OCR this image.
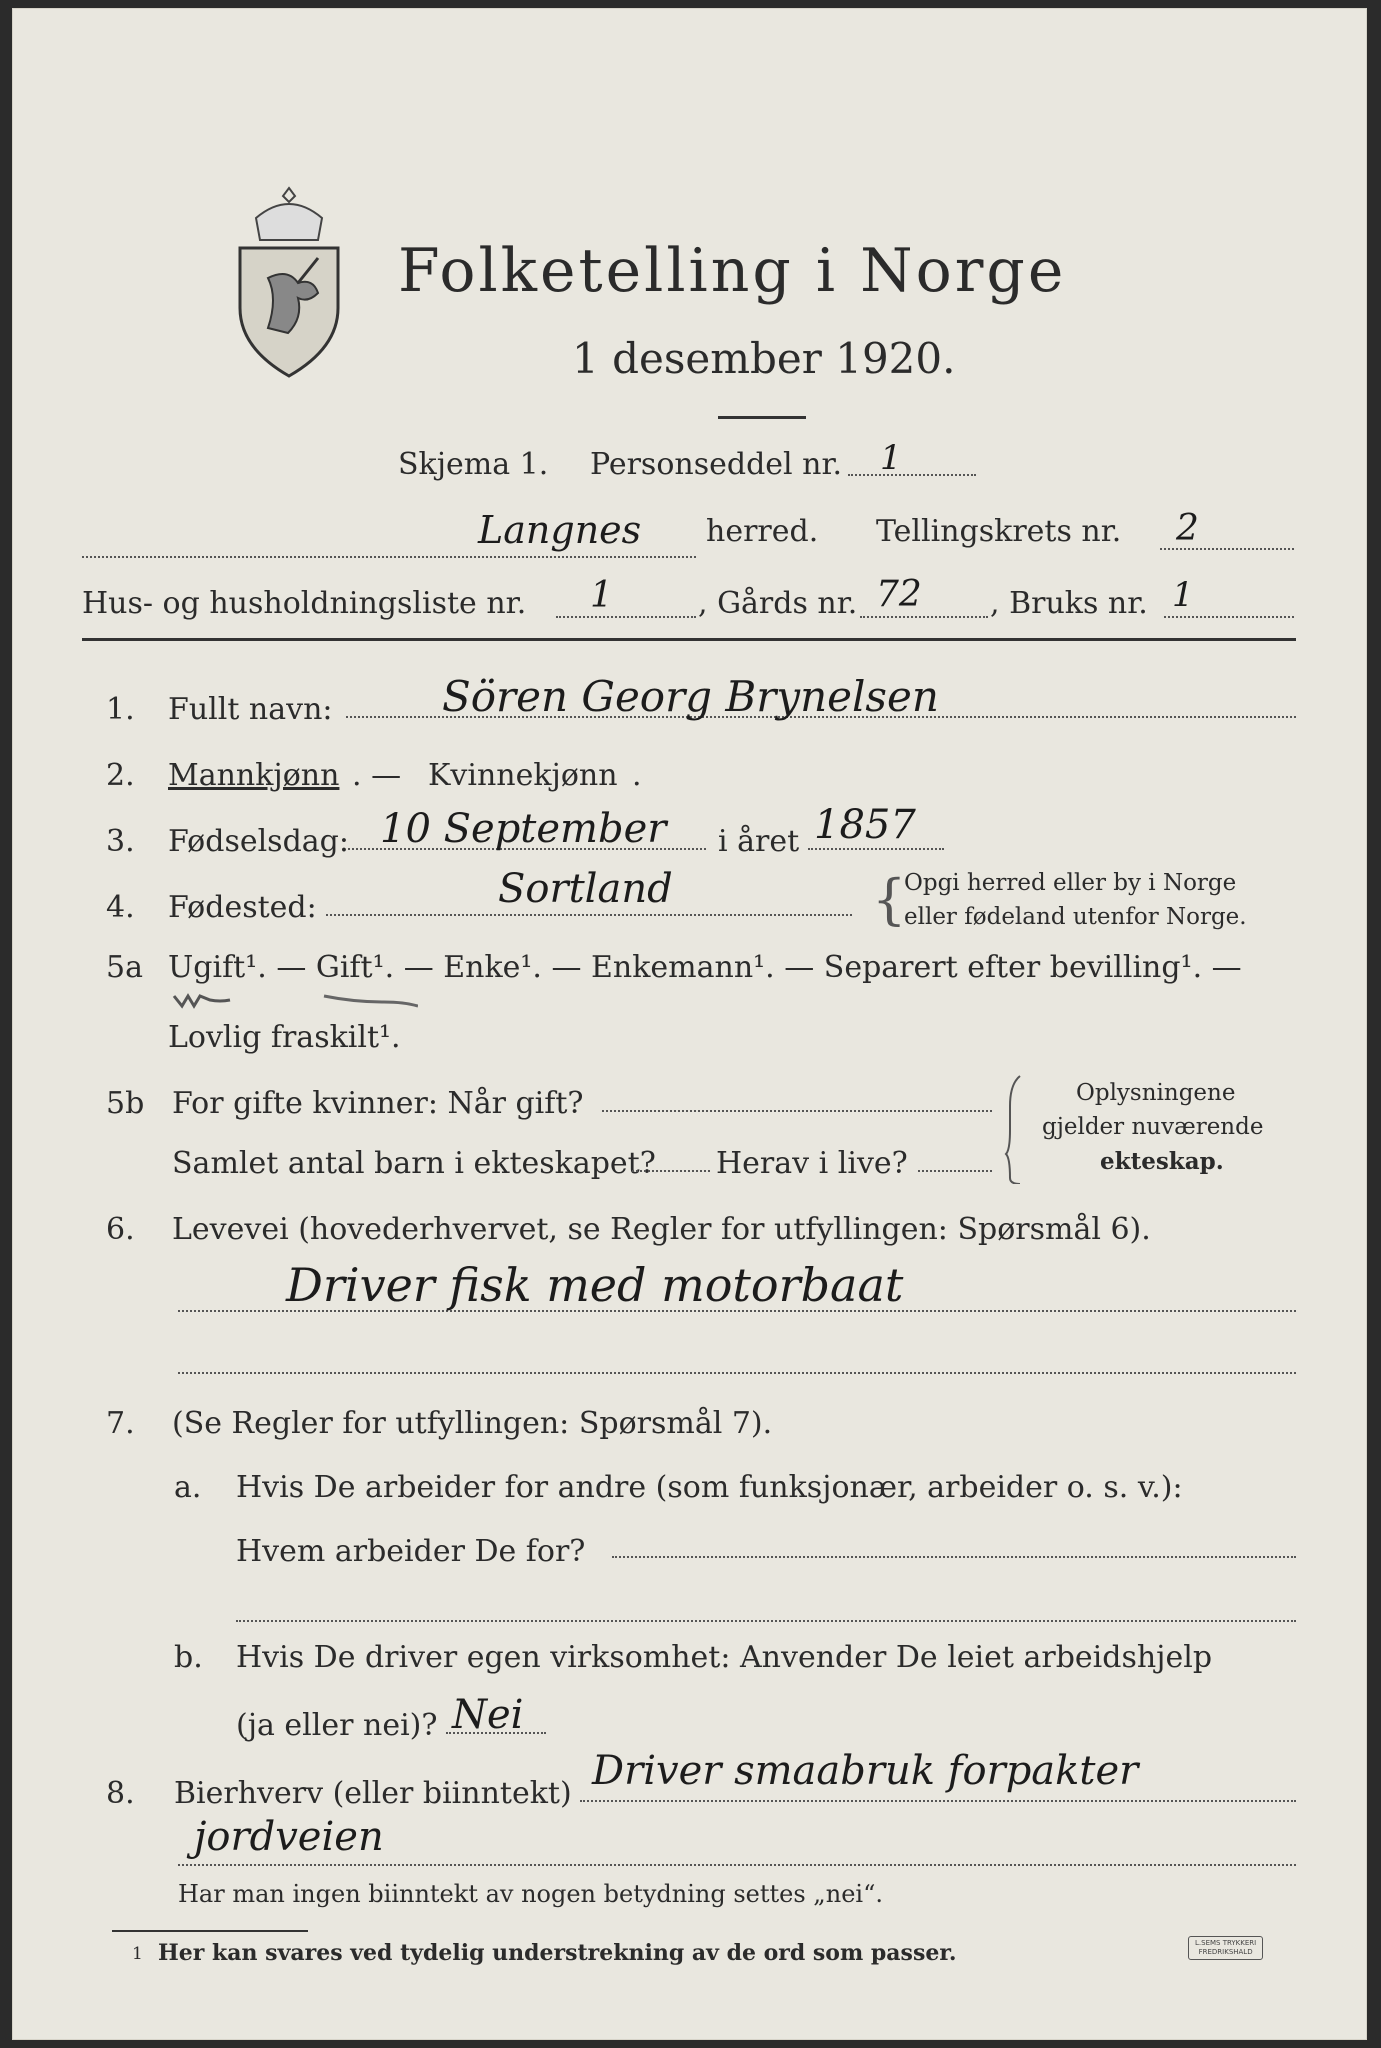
Folketelling i Norge
1 desember 1920.
Skjema 1. Personseddel nr. 1
Langnes herred. Tellingskrets nr. 2
Hus- og husholdningsliste nr. 1	, Gårds nr. 72 , Bruks nr. 1
1. Fullt navn:	Sören Georg Brynelsen
2. Mannkjønn . — Kvinnekjønn .
3. Fødselsdag: 10 September i året 1857
4. Fødested:	Sortland	{
Opgi herred eller by i Norge
eller fødeland utenfor Norge.
5a Ugift¹. — Gift¹. — Enke¹. — Enkemann¹. — Separert efter bevilling¹. —
Lovlig fraskilt¹.
5b For gifte kvinner: Når gift?
Samlet antal barn i ekteskapet? Herav i live?
Oplysningene
gjelder nuværende
ekteskap.
6. Levevei (hovederhvervet, se Regler for utfyllingen: Spørsmål 6).
Driver fisk med motorbaat
7. (Se Regler for utfyllingen: Spørsmål 7).
a. Hvis De arbeider for andre (som funksjonær, arbeider o. s. v.):
Hvem arbeider De for?
b. Hvis De driver egen virksomhet: Anvender De leiet arbeidshjelp
(ja eller nei)? Nei
8. Bierhverv (eller biinntekt) Driver smaabruk forpakter
jordveien
Har man ingen biinntekt av nogen betydning settes „nei“.
1 Her kan svares ved tydelig understrekning av de ord som passer.	L.SEMS TRYKKERI
FREDRIKSHALD
